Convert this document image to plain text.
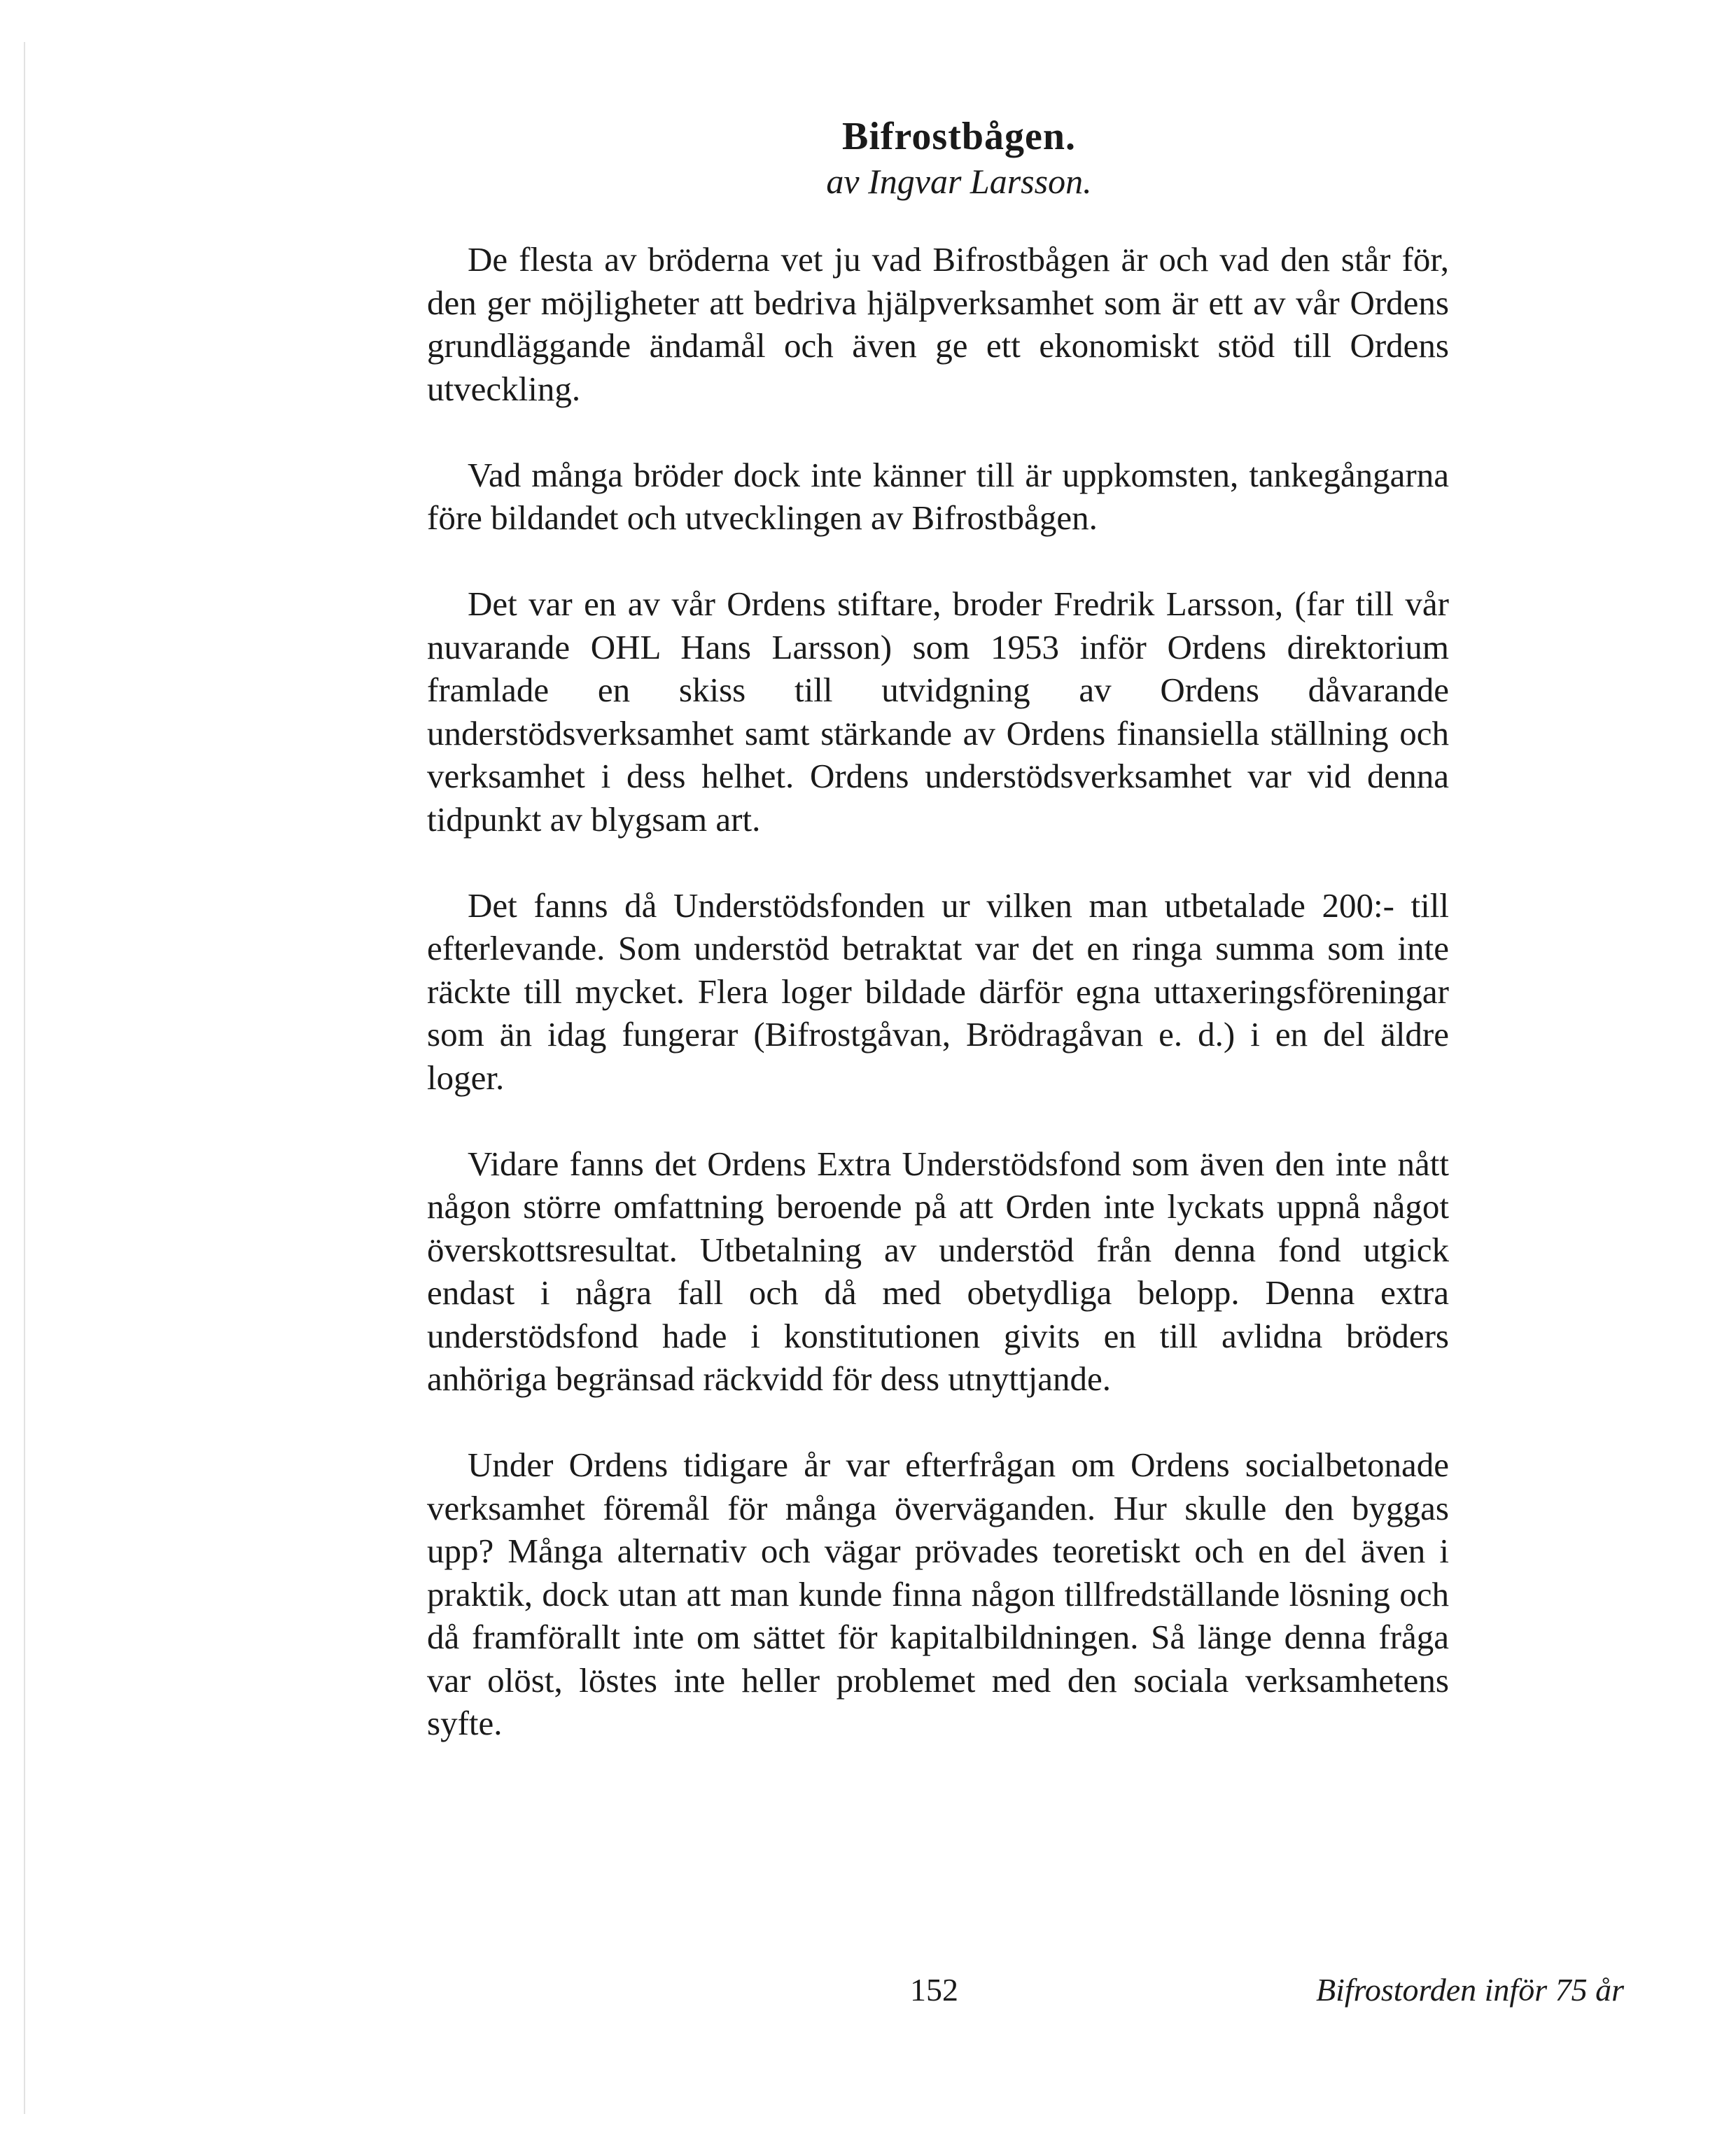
Bifrostbågen.
av Ingvar Larsson.

De flesta av bröderna vet ju vad Bifrostbågen är och vad den står för, den ger möjligheter att bedriva hjälpverksamhet som är ett av vår Ordens grundläggande ändamål och även ge ett ekonomiskt stöd till Ordens utveckling.

Vad många bröder dock inte känner till är uppkomsten, tankegångarna före bildandet och utvecklingen av Bifrostbågen.

Det var en av vår Ordens stiftare, broder Fredrik Larsson, (far till vår nuvarande OHL Hans Larsson) som 1953 inför Ordens direktorium framlade en skiss till utvidgning av Ordens dåvarande understödsverksamhet samt stärkande av Ordens finansiella ställning och verksamhet i dess helhet. Ordens understödsverksamhet var vid denna tidpunkt av blygsam art.

Det fanns då Understödsfonden ur vilken man utbetalade 200:- till efterlevande. Som understöd betraktat var det en ringa summa som inte räckte till mycket. Flera loger bildade därför egna uttaxeringsföreningar som än idag fungerar (Bifrostgåvan, Brödragåvan e. d.) i en del äldre loger.

Vidare fanns det Ordens Extra Understödsfond som även den inte nått någon större omfattning beroende på att Orden inte lyckats uppnå något överskottsresultat. Utbetalning av understöd från denna fond utgick endast i några fall och då med obetydliga belopp. Denna extra understödsfond hade i konstitutionen givits en till avlidna bröders anhöriga begränsad räckvidd för dess utnyttjande.

Under Ordens tidigare år var efterfrågan om Ordens socialbetonade verksamhet föremål för många överväganden. Hur skulle den byggas upp? Många alternativ och vägar prövades teoretiskt och en del även i praktik, dock utan att man kunde finna någon tillfredställande lösning och då framförallt inte om sättet för kapitalbildningen. Så länge denna fråga var olöst, löstes inte heller problemet med den sociala verksamhetens syfte.

152	Bifrostorden inför 75 år
